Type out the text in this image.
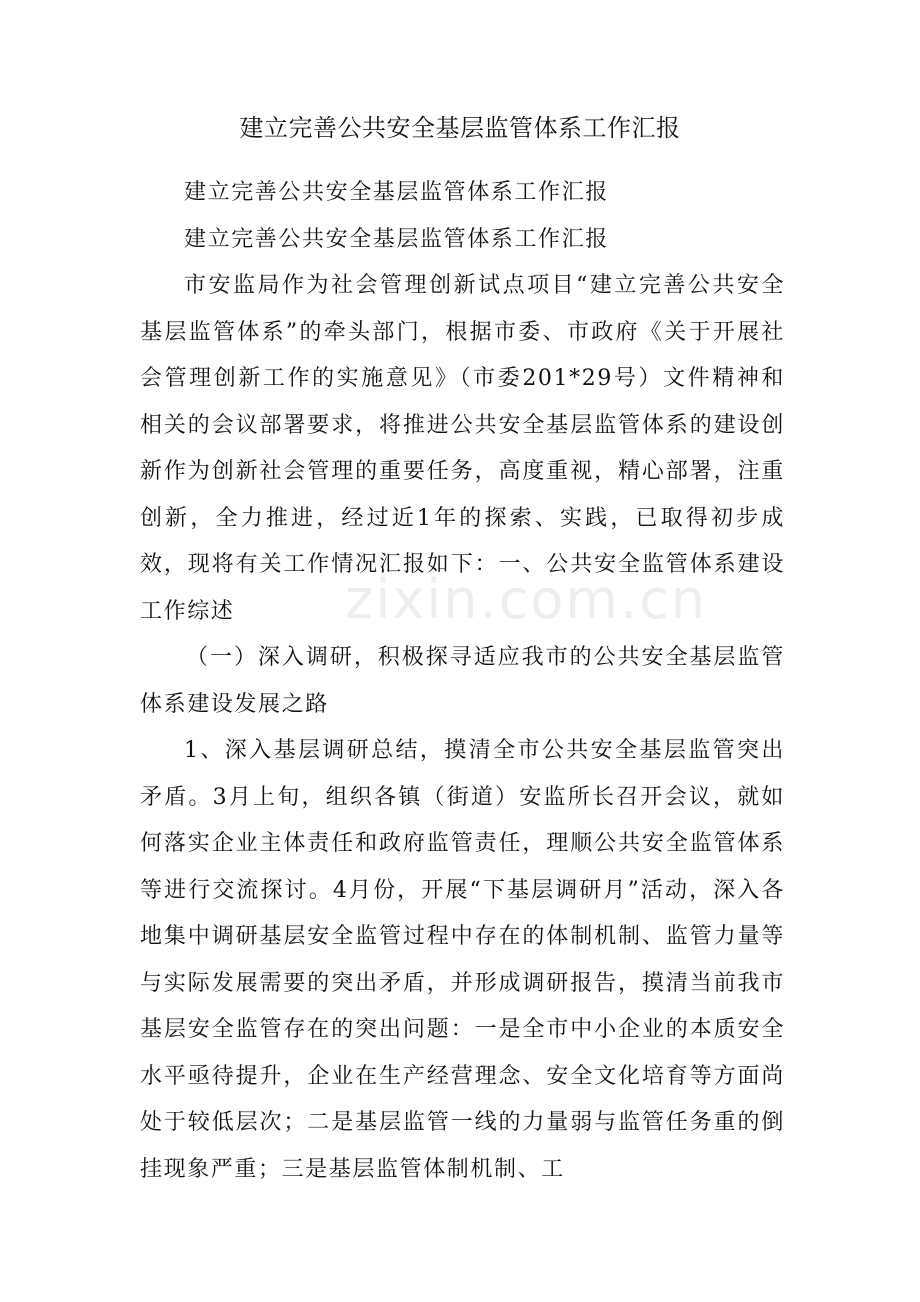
建立完善公共安全基层监管体系工作汇报

建立完善公共安全基层监管体系工作汇报

建立完善公共安全基层监管体系工作汇报

市安监局作为社会管理创新试点项目“建立完善公共安全基层监管体系”的牵头部门，根据市委、市政府《关于开展社会管理创新工作的实施意见》（市委201*29号）文件精神和相关的会议部署要求，将推进公共安全基层监管体系的建设创新作为创新社会管理的重要任务，高度重视，精心部署，注重创新，全力推进，经过近1年的探索、实践，已取得初步成效，现将有关工作情况汇报如下：一、公共安全监管体系建设工作综述

（一）深入调研，积极探寻适应我市的公共安全基层监管体系建设发展之路

1、深入基层调研总结，摸清全市公共安全基层监管突出矛盾。3月上旬，组织各镇（街道）安监所长召开会议，就如何落实企业主体责任和政府监管责任，理顺公共安全监管体系等进行交流探讨。4月份，开展“下基层调研月”活动，深入各地集中调研基层安全监管过程中存在的体制机制、监管力量等与实际发展需要的突出矛盾，并形成调研报告，摸清当前我市基层安全监管存在的突出问题：一是全市中小企业的本质安全水平亟待提升，企业在生产经营理念、安全文化培育等方面尚处于较低层次；二是基层监管一线的力量弱与监管任务重的倒挂现象严重；三是基层监管体制机制、工

zixin.com.cn
